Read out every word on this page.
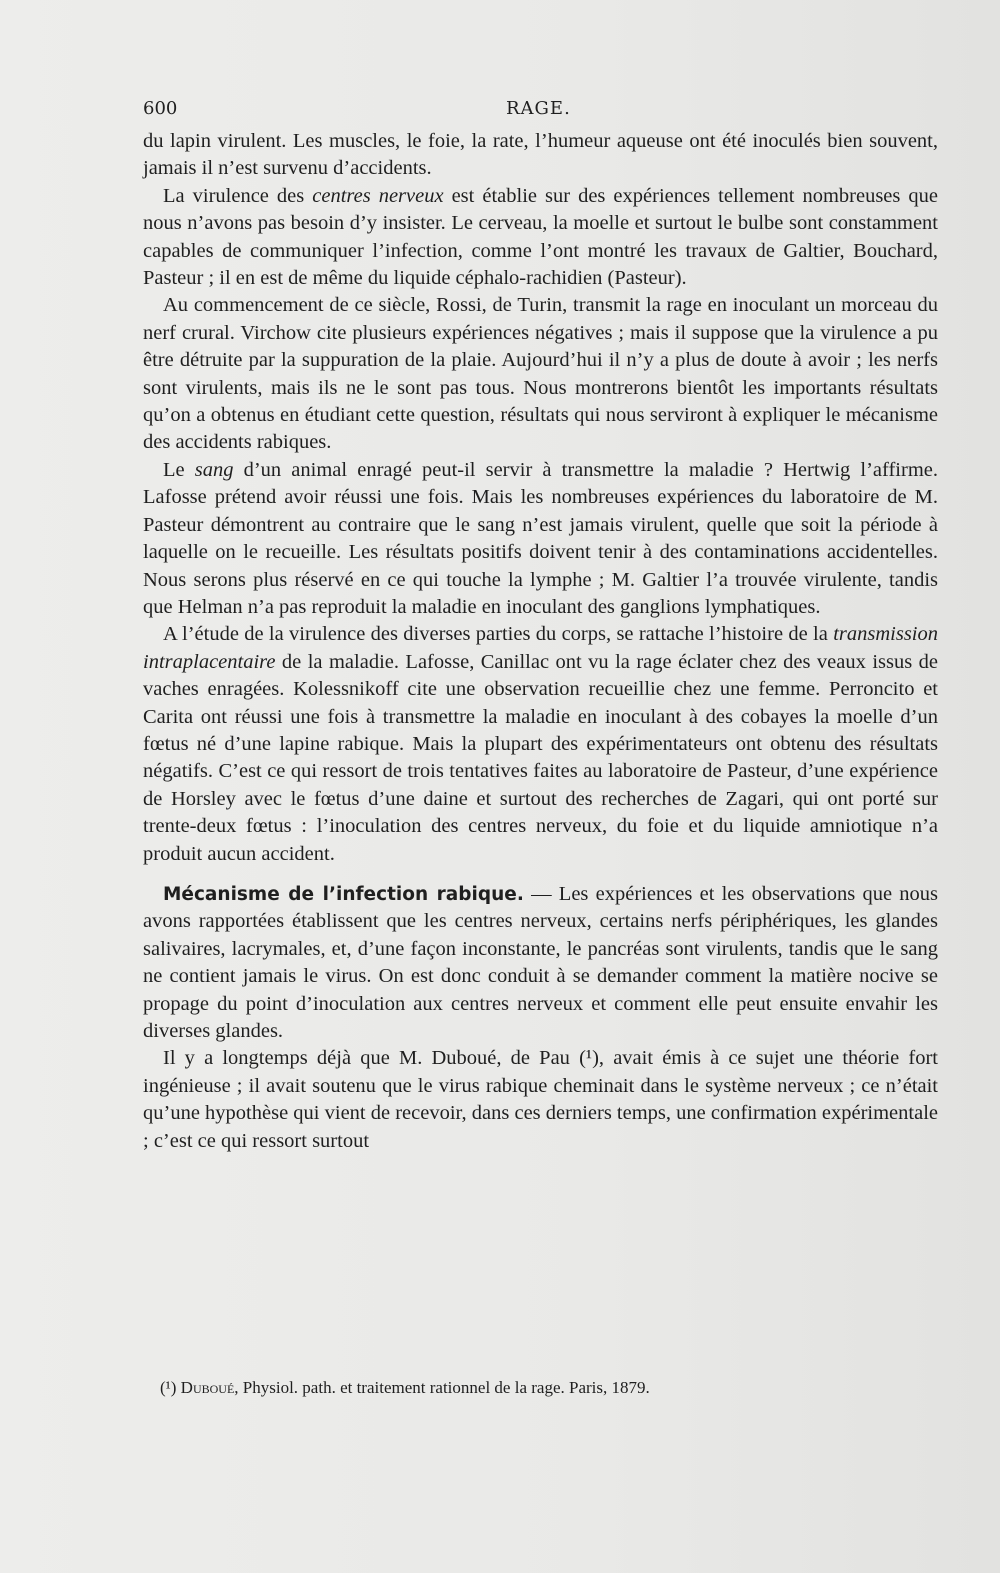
600	RAGE.

du lapin virulent. Les muscles, le foie, la rate, l’humeur aqueuse ont été inoculés bien souvent, jamais il n’est survenu d’accidents.

La virulence des centres nerveux est établie sur des expériences tellement nombreuses que nous n’avons pas besoin d’y insister. Le cerveau, la moelle et surtout le bulbe sont constamment capables de communiquer l’infection, comme l’ont montré les travaux de Galtier, Bouchard, Pasteur ; il en est de même du liquide céphalo-rachidien (Pasteur).

Au commencement de ce siècle, Rossi, de Turin, transmit la rage en inoculant un morceau du nerf crural. Virchow cite plusieurs expériences négatives ; mais il suppose que la virulence a pu être détruite par la suppuration de la plaie. Aujourd’hui il n’y a plus de doute à avoir ; les nerfs sont virulents, mais ils ne le sont pas tous. Nous montrerons bientôt les importants résultats qu’on a obtenus en étudiant cette question, résultats qui nous serviront à expliquer le mécanisme des accidents rabiques.

Le sang d’un animal enragé peut-il servir à transmettre la maladie ? Hertwig l’affirme. Lafosse prétend avoir réussi une fois. Mais les nombreuses expériences du laboratoire de M. Pasteur démontrent au contraire que le sang n’est jamais virulent, quelle que soit la période à laquelle on le recueille. Les résultats positifs doivent tenir à des contaminations accidentelles. Nous serons plus réservé en ce qui touche la lymphe ; M. Galtier l’a trouvée virulente, tandis que Helman n’a pas reproduit la maladie en inoculant des ganglions lymphatiques.

A l’étude de la virulence des diverses parties du corps, se rattache l’histoire de la transmission intraplacentaire de la maladie. Lafosse, Canillac ont vu la rage éclater chez des veaux issus de vaches enragées. Kolessnikoff cite une observation recueillie chez une femme. Perroncito et Carita ont réussi une fois à transmettre la maladie en inoculant à des cobayes la moelle d’un fœtus né d’une lapine rabique. Mais la plupart des expérimentateurs ont obtenu des résultats négatifs. C’est ce qui ressort de trois tentatives faites au laboratoire de Pasteur, d’une expérience de Horsley avec le fœtus d’une daine et surtout des recherches de Zagari, qui ont porté sur trente-deux fœtus : l’inoculation des centres nerveux, du foie et du liquide amniotique n’a produit aucun accident.

Mécanisme de l’infection rabique. — Les expériences et les observations que nous avons rapportées établissent que les centres nerveux, certains nerfs périphériques, les glandes salivaires, lacrymales, et, d’une façon inconstante, le pancréas sont virulents, tandis que le sang ne contient jamais le virus. On est donc conduit à se demander comment la matière nocive se propage du point d’inoculation aux centres nerveux et comment elle peut ensuite envahir les diverses glandes.

Il y a longtemps déjà que M. Duboué, de Pau (¹), avait émis à ce sujet une théorie fort ingénieuse ; il avait soutenu que le virus rabique cheminait dans le système nerveux ; ce n’était qu’une hypothèse qui vient de recevoir, dans ces derniers temps, une confirmation expérimentale ; c’est ce qui ressort surtout

(¹) Duboué, Physiol. path. et traitement rationnel de la rage. Paris, 1879.
